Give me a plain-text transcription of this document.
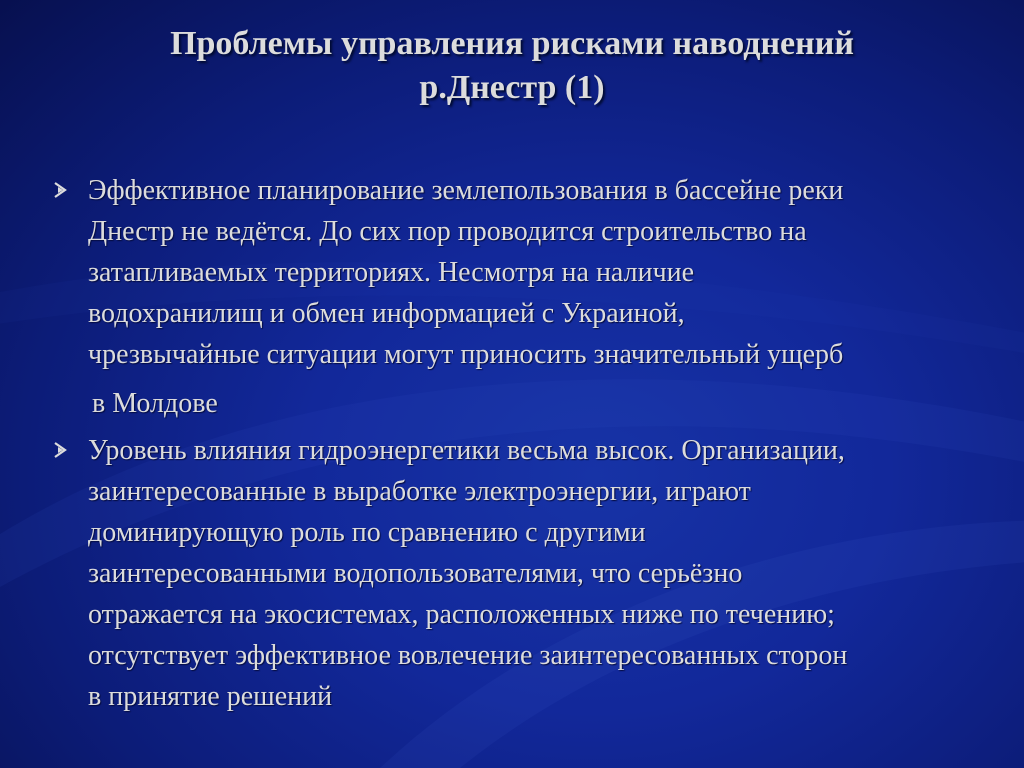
Проблемы управления рисками наводнений
р.Днестр (1)
Эффективное планирование землепользования в бассейне реки
Днестр не ведётся. До сих пор проводится строительство на
затапливаемых территориях. Несмотря на наличие
водохранилищ и обмен информацией с Украиной,
чрезвычайные ситуации могут приносить значительный ущерб
в Молдове
Уровень влияния гидроэнергетики весьма высок. Организации,
заинтересованные в выработке электроэнергии, играют
доминирующую роль по сравнению с другими
заинтересованными водопользователями, что серьёзно
отражается на экосистемах, расположенных ниже по течению;
отсутствует эффективное вовлечение заинтересованных сторон
в принятие решений
